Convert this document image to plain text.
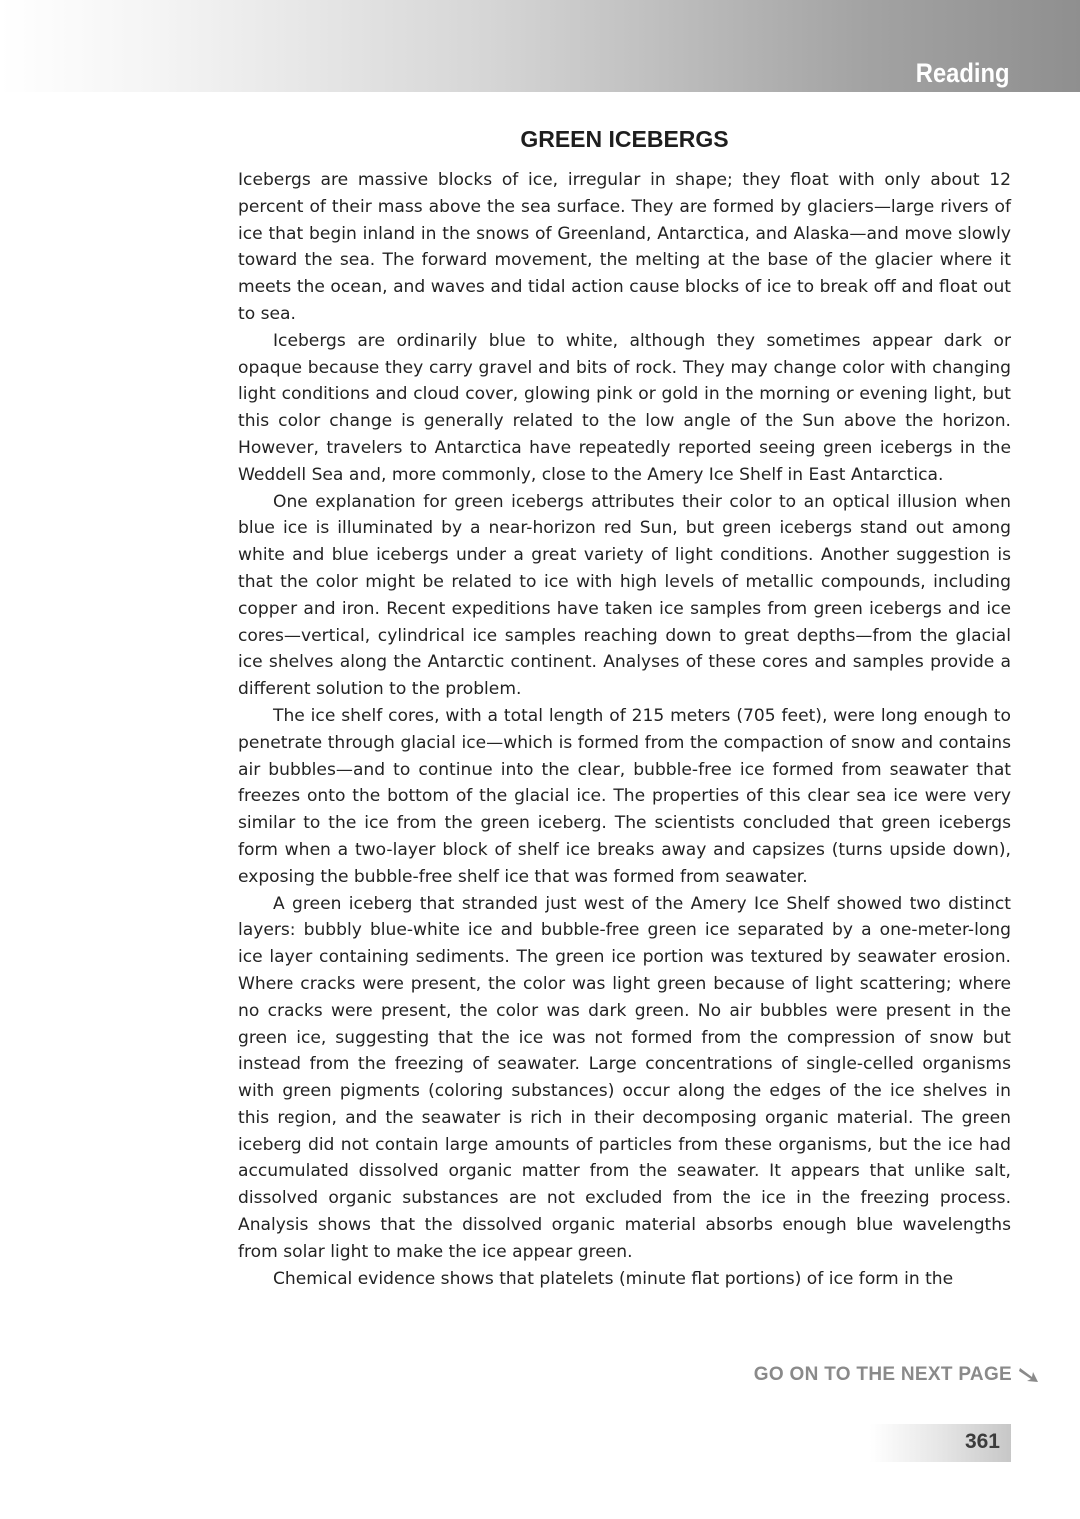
Reading
GREEN ICEBERGS

Icebergs are massive blocks of ice, irregular in shape; they float with only about 12 percent of their mass above the sea surface. They are formed by glaciers—large rivers of ice that begin inland in the snows of Greenland, Antarctica, and Alaska—and move slowly toward the sea. The forward movement, the melting at the base of the glacier where it meets the ocean, and waves and tidal action cause blocks of ice to break off and float out to sea.

Icebergs are ordinarily blue to white, although they sometimes appear dark or opaque because they carry gravel and bits of rock. They may change color with changing light conditions and cloud cover, glowing pink or gold in the morning or evening light, but this color change is generally related to the low angle of the Sun above the horizon. However, travelers to Antarctica have repeatedly reported seeing green icebergs in the Weddell Sea and, more commonly, close to the Amery Ice Shelf in East Antarctica.

One explanation for green icebergs attributes their color to an optical illusion when blue ice is illuminated by a near-horizon red Sun, but green icebergs stand out among white and blue icebergs under a great variety of light conditions. Another suggestion is that the color might be related to ice with high levels of metallic compounds, including copper and iron. Recent expeditions have taken ice samples from green icebergs and ice cores—vertical, cylindrical ice samples reaching down to great depths—from the glacial ice shelves along the Antarctic continent. Analyses of these cores and samples provide a different solution to the problem.

The ice shelf cores, with a total length of 215 meters (705 feet), were long enough to penetrate through glacial ice—which is formed from the compaction of snow and contains air bubbles—and to continue into the clear, bubble-free ice formed from seawater that freezes onto the bottom of the glacial ice. The properties of this clear sea ice were very similar to the ice from the green iceberg. The scientists concluded that green icebergs form when a two-layer block of shelf ice breaks away and capsizes (turns upside down), exposing the bubble-free shelf ice that was formed from seawater.

A green iceberg that stranded just west of the Amery Ice Shelf showed two distinct layers: bubbly blue-white ice and bubble-free green ice separated by a one-meter-long ice layer containing sediments. The green ice portion was textured by seawater erosion. Where cracks were present, the color was light green because of light scattering; where no cracks were present, the color was dark green. No air bubbles were present in the green ice, suggesting that the ice was not formed from the compression of snow but instead from the freezing of seawater. Large concentrations of single-celled organisms with green pigments (coloring substances) occur along the edges of the ice shelves in this region, and the seawater is rich in their decomposing organic material. The green iceberg did not contain large amounts of particles from these organisms, but the ice had accumulated dissolved organic matter from the seawater. It appears that unlike salt, dissolved organic substances are not excluded from the ice in the freezing process. Analysis shows that the dissolved organic material absorbs enough blue wavelengths from solar light to make the ice appear green.

Chemical evidence shows that platelets (minute flat portions) of ice form in the

GO ON TO THE NEXT PAGE
361
